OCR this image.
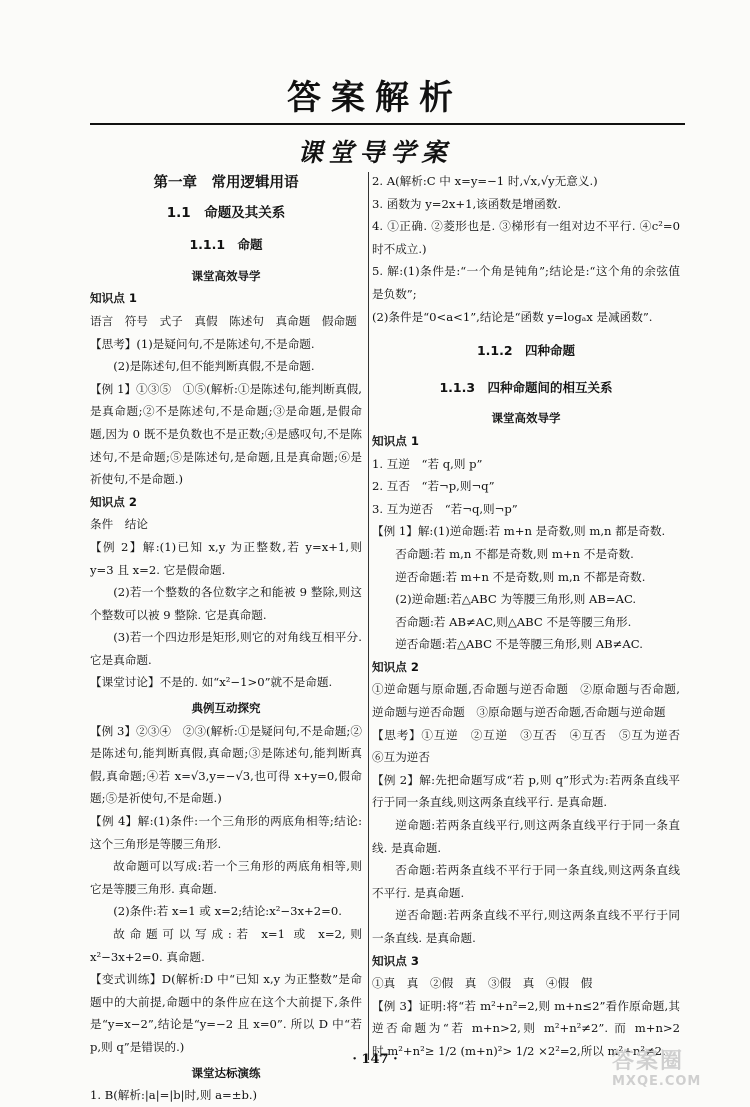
答案解析
课堂导学案
第一章　常用逻辑用语
1.1　命题及其关系
1.1.1　命题
课堂高效导学

知识点 1

语言　符号　式子　真假　陈述句　真命题　假命题

【思考】(1)是疑问句,不是陈述句,不是命题.

(2)是陈述句,但不能判断真假,不是命题.

【例 1】①③⑤　①⑤(解析:①是陈述句,能判断真假,是真命题;②不是陈述句,不是命题;③是命题,是假命题,因为 0 既不是负数也不是正数;④是感叹句,不是陈述句,不是命题;⑤是陈述句,是命题,且是真命题;⑥是祈使句,不是命题.)

知识点 2

条件　结论

【例 2】解:(1)已知 x,y 为正整数,若 y=x+1,则 y=3 且 x=2. 它是假命题.

(2)若一个整数的各位数字之和能被 9 整除,则这个整数可以被 9 整除. 它是真命题.

(3)若一个四边形是矩形,则它的对角线互相平分. 它是真命题.

【课堂讨论】不是的. 如“x²−1>0”就不是命题.

典例互动探究

【例 3】②③④　②③(解析:①是疑问句,不是命题;②是陈述句,能判断真假,真命题;③是陈述句,能判断真假,真命题;④若 x=√3,y=−√3,也可得 x+y=0,假命题;⑤是祈使句,不是命题.)

【例 4】解:(1)条件:一个三角形的两底角相等;结论:这个三角形是等腰三角形.

故命题可以写成:若一个三角形的两底角相等,则它是等腰三角形. 真命题.

(2)条件:若 x=1 或 x=2;结论:x²−3x+2=0.

故命题可以写成:若 x=1 或 x=2,则 x²−3x+2=0. 真命题.

【变式训练】D(解析:D 中“已知 x,y 为正整数”是命题中的大前提,命题中的条件应在这个大前提下,条件是“y=x−2”,结论是“y=−2 且 x=0”. 所以 D 中“若 p,则 q”是错误的.)

课堂达标演练

1. B(解析:|a|=|b|时,则 a=±b.)

2. A(解析:C 中 x=y=−1 时,√x,√y无意义.)

3. 函数为 y=2x+1,该函数是增函数.

4. ①正确. ②菱形也是. ③梯形有一组对边不平行. ④c²=0 时不成立.)

5. 解:(1)条件是:“一个角是钝角”;结论是:“这个角的余弦值是负数”;

(2)条件是“0<a<1”,结论是“函数 y=logₐx 是减函数”.

1.1.2　四种命题
1.1.3　四种命题间的相互关系
课堂高效导学

知识点 1

1. 互逆　“若 q,则 p”

2. 互否　“若¬p,则¬q”

3. 互为逆否　“若¬q,则¬p”

【例 1】解:(1)逆命题:若 m+n 是奇数,则 m,n 都是奇数.

否命题:若 m,n 不都是奇数,则 m+n 不是奇数.

逆否命题:若 m+n 不是奇数,则 m,n 不都是奇数.

(2)逆命题:若△ABC 为等腰三角形,则 AB=AC.

否命题:若 AB≠AC,则△ABC 不是等腰三角形.

逆否命题:若△ABC 不是等腰三角形,则 AB≠AC.

知识点 2

①逆命题与原命题,否命题与逆否命题　②原命题与否命题,逆命题与逆否命题　③原命题与逆否命题,否命题与逆命题

【思考】①互逆　②互逆　③互否　④互否　⑤互为逆否　⑥互为逆否

【例 2】解:先把命题写成“若 p,则 q”形式为:若两条直线平行于同一条直线,则这两条直线平行. 是真命题.

逆命题:若两条直线平行,则这两条直线平行于同一条直线. 是真命题.

否命题:若两条直线不平行于同一条直线,则这两条直线不平行. 是真命题.

逆否命题:若两条直线不平行,则这两条直线不平行于同一条直线. 是真命题.

知识点 3

①真　真　②假　真　③假　真　④假　假

【例 3】证明:将“若 m²+n²=2,则 m+n≤2”看作原命题,其逆否命题为“若 m+n>2,则 m²+n²≠2”. 而 m+n>2 时,m²+n²≥ 1/2 (m+n)²> 1/2 ×2²=2,所以 m²+n²≠2.

· 147 ·	答案圈
MXQE.COM
